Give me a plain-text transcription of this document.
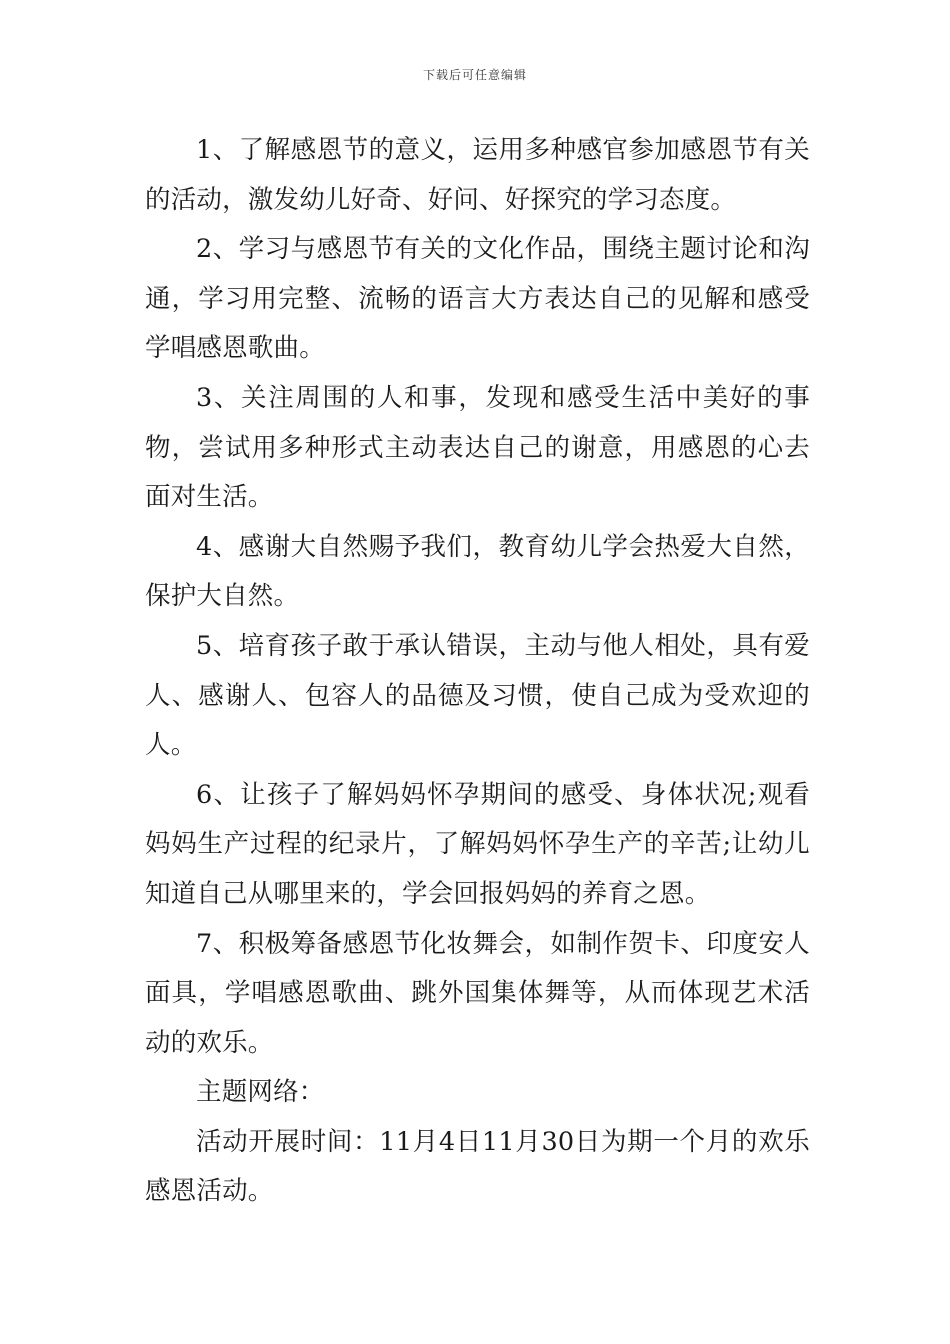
下载后可任意编辑

1、了解感恩节的意义，运用多种感官参加感恩节有关的活动，激发幼儿好奇、好问、好探究的学习态度。

2、学习与感恩节有关的文化作品，围绕主题讨论和沟通，学习用完整、流畅的语言大方表达自己的见解和感受学唱感恩歌曲。

3、关注周围的人和事，发现和感受生活中美好的事物，尝试用多种形式主动表达自己的谢意，用感恩的心去面对生活。

4、感谢大自然赐予我们，教育幼儿学会热爱大自然，保护大自然。

5、培育孩子敢于承认错误，主动与他人相处，具有爱人、感谢人、包容人的品德及习惯，使自己成为受欢迎的人。

6、让孩子了解妈妈怀孕期间的感受、身体状况;观看妈妈生产过程的纪录片，了解妈妈怀孕生产的辛苦;让幼儿知道自己从哪里来的，学会回报妈妈的养育之恩。

7、积极筹备感恩节化妆舞会，如制作贺卡、印度安人面具，学唱感恩歌曲、跳外国集体舞等，从而体现艺术活动的欢乐。

主题网络：

活动开展时间：11月4日11月30日为期一个月的欢乐感恩活动。
